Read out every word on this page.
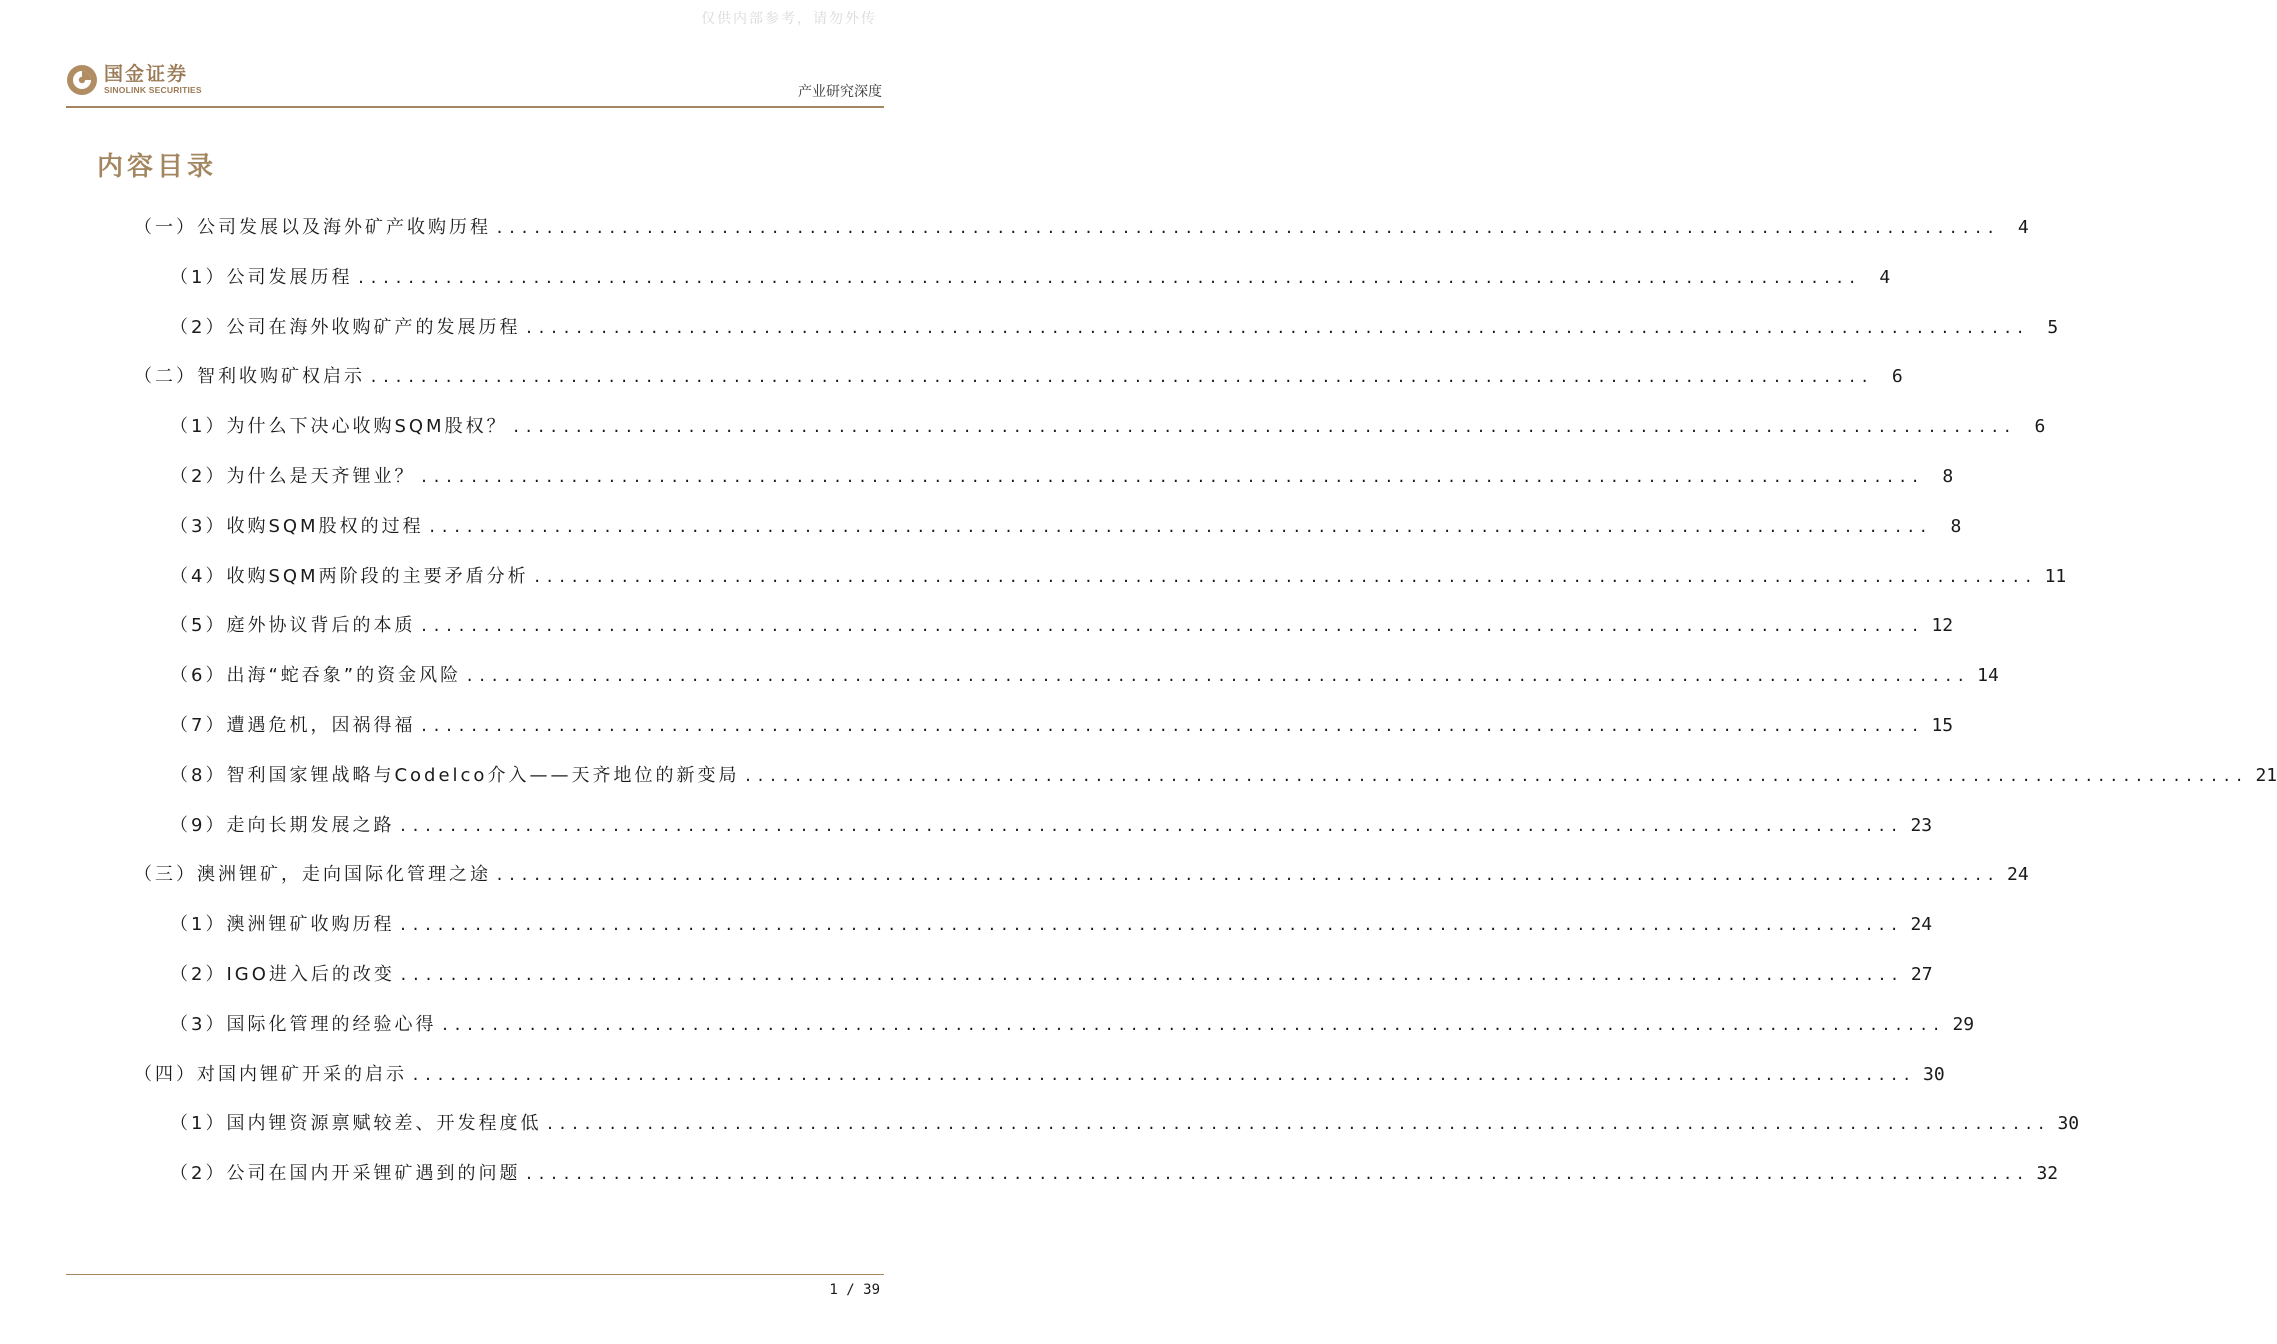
仅供内部参考，请勿外传
国金证券
SINOLINK SECURITIES	产业研究深度
内容目录
（一）公司发展以及海外矿产收购历程 ........................................................................................................................	4
（1）公司发展历程 ........................................................................................................................	4
（2）公司在海外收购矿产的发展历程 ........................................................................................................................	5
（二）智利收购矿权启示 ........................................................................................................................	6
（1）为什么下决心收购SQM股权？ ........................................................................................................................	6
（2）为什么是天齐锂业？ ........................................................................................................................	8
（3）收购SQM股权的过程 ........................................................................................................................	8
（4）收购SQM两阶段的主要矛盾分析 ........................................................................................................................ 11
（5）庭外协议背后的本质 ........................................................................................................................ 12
（6）出海“蛇吞象”的资金风险 ........................................................................................................................ 14
（7）遭遇危机，因祸得福 ........................................................................................................................ 15
（8）智利国家锂战略与Codelco介入——天齐地位的新变局 ........................................................................................................................ 21
（9）走向长期发展之路 ........................................................................................................................ 23
（三）澳洲锂矿，走向国际化管理之途 ........................................................................................................................ 24
（1）澳洲锂矿收购历程 ........................................................................................................................ 24
（2）IGO进入后的改变 ........................................................................................................................ 27
（3）国际化管理的经验心得 ........................................................................................................................ 29
（四）对国内锂矿开采的启示 ........................................................................................................................ 30
（1）国内锂资源禀赋较差、开发程度低 ........................................................................................................................ 30
（2）公司在国内开采锂矿遇到的问题 ........................................................................................................................ 32
1 / 39
